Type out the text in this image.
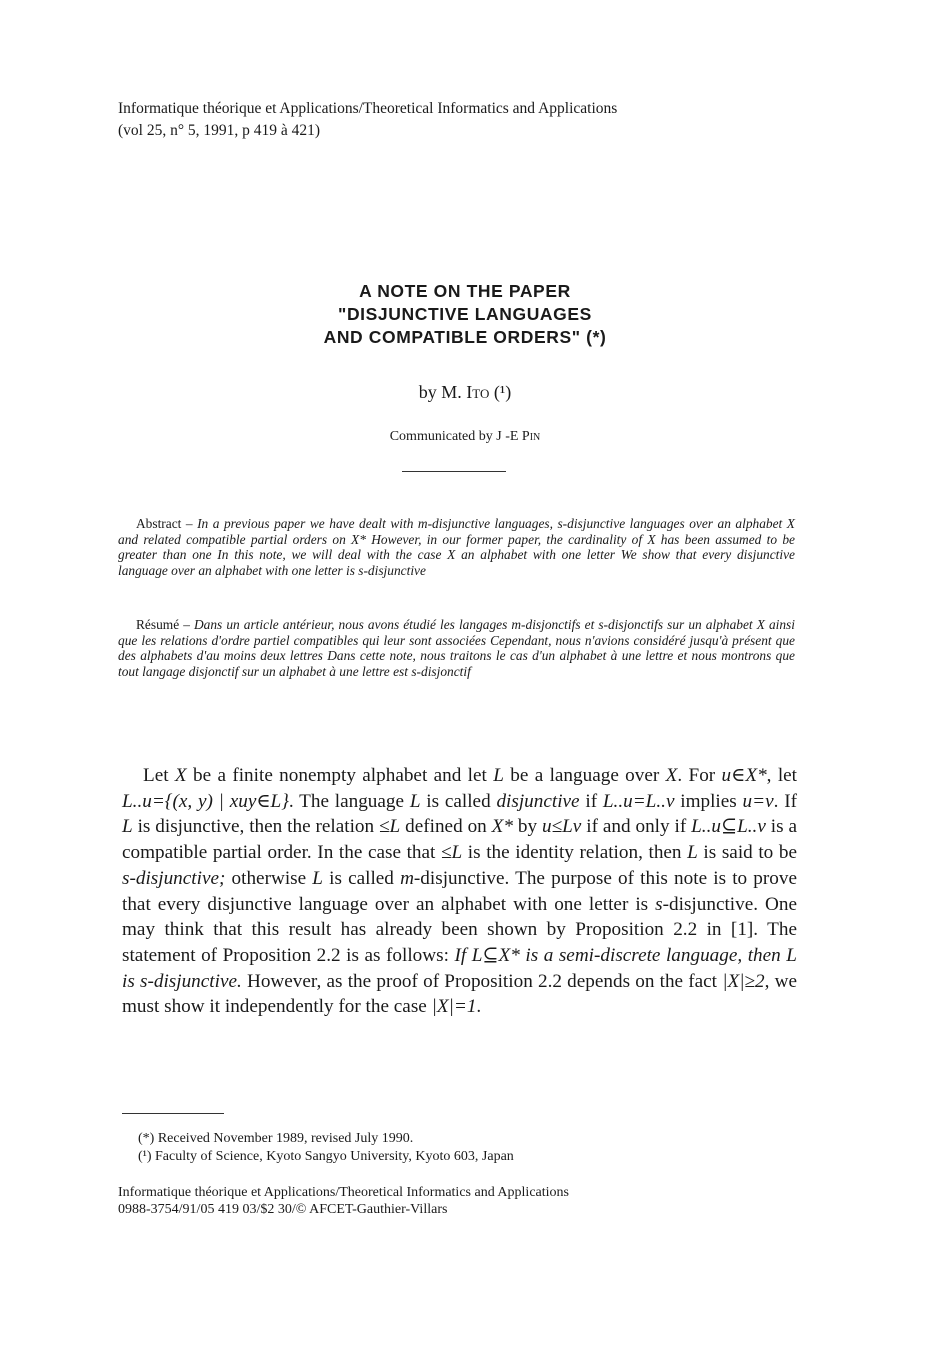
Informatique théorique et Applications/Theoretical Informatics and Applications
(vol 25, n° 5, 1991, p 419 à 421)
A NOTE ON THE PAPER
"DISJUNCTIVE LANGUAGES
AND COMPATIBLE ORDERS" (*)
by M. Ito (¹)
Communicated by J -E Pin

Abstract – In a previous paper we have dealt with m-disjunctive languages, s-disjunctive languages over an alphabet X and related compatible partial orders on X* However, in our former paper, the cardinality of X has been assumed to be greater than one In this note, we will deal with the case X an alphabet with one letter We show that every disjunctive language over an alphabet with one letter is s-disjunctive

Résumé – Dans un article antérieur, nous avons étudié les langages m-disjonctifs et s-disjonctifs sur un alphabet X ainsi que les relations d'ordre partiel compatibles qui leur sont associées Cependant, nous n'avions considéré jusqu'à présent que des alphabets d'au moins deux lettres Dans cette note, nous traitons le cas d'un alphabet à une lettre et nous montrons que tout langage disjonctif sur un alphabet à une lettre est s-disjonctif

Let X be a finite nonempty alphabet and let L be a language over X. For u∈X*, let L..u={(x, y) | xuy∈L}. The language L is called disjunctive if L..u=L..v implies u=v. If L is disjunctive, then the relation ≤L defined on X* by u≤Lv if and only if L..u⊆L..v is a compatible partial order. In the case that ≤L is the identity relation, then L is said to be s-disjunctive; otherwise L is called m-disjunctive. The purpose of this note is to prove that every disjunctive language over an alphabet with one letter is s-disjunctive. One may think that this result has already been shown by Proposition 2.2 in [1]. The statement of Proposition 2.2 is as follows: If L⊆X* is a semi-discrete language, then L is s-disjunctive. However, as the proof of Proposition 2.2 depends on the fact |X|≥2, we must show it independently for the case |X|=1.

(*) Received November 1989, revised July 1990.
(¹) Faculty of Science, Kyoto Sangyo University, Kyoto 603, Japan
Informatique théorique et Applications/Theoretical Informatics and Applications
0988-3754/91/05 419 03/$2 30/© AFCET-Gauthier-Villars
